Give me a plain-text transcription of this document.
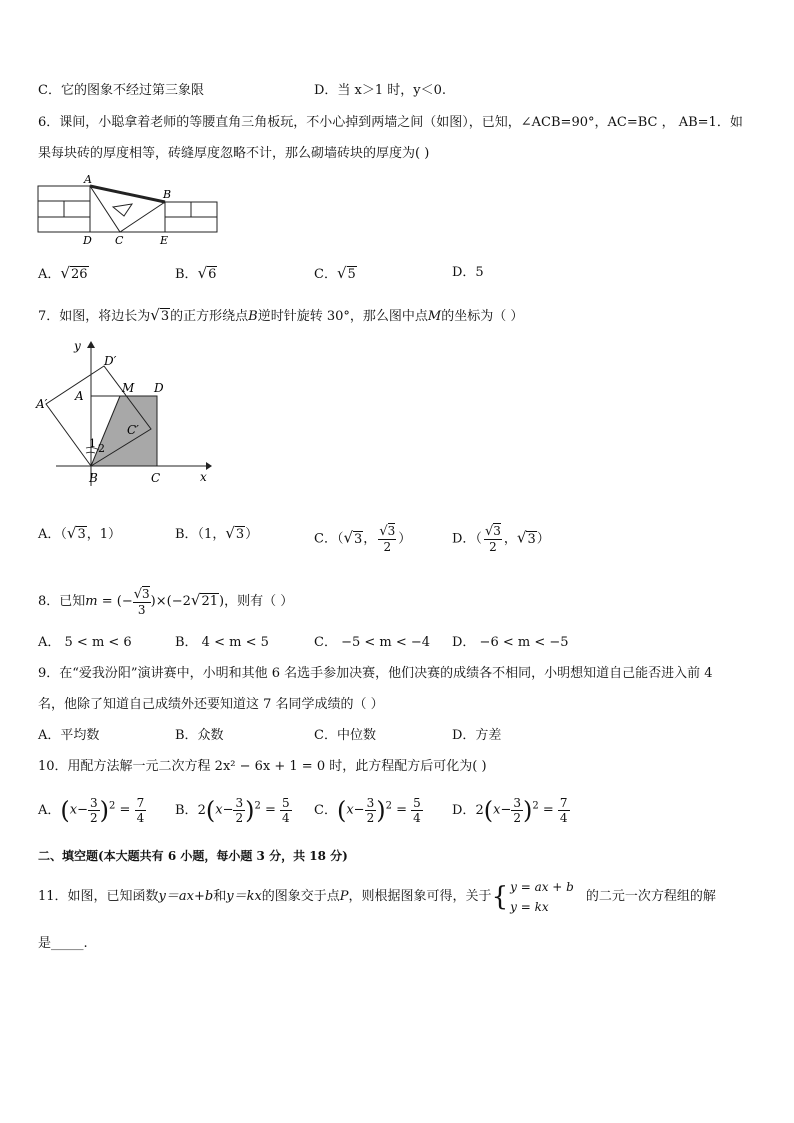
C．它的图象不经过第三象限	D．当 x＞1 时，y＜0.
6．课间，小聪拿着老师的等腰直角三角板玩，不小心掉到两墙之间（如图），已知，∠ACB=90°，AC=BC ， AB=1．如
果每块砖的厚度相等，砖缝厚度忽略不计，那么砌墙砖块的厚度为( )
A
B
D C	E
A．√26	B．√6	C．√5	D．5
7．如图，将边长为√3的正方形绕点B逆时针旋转 30°，那么图中点M的坐标为（ ）
y
x
D′
A′
A
M D
C′
1 2
B	C
A．（√3，1）	B．（1，√3）	C．（√3， $\frac{√3}{2}$ ）	D．（ $\frac{√3}{2}$ ，√3）
8．已知m = (− $\frac{√3}{3} )\times(-2√21)$，则有（ ）
A． 5 < m < 6	B． 4 < m < 5	C． −5 < m < −4 D． −6 < m < −5
9．在“爱我汾阳”演讲赛中，小明和其他 6 名选手参加决赛，他们决赛的成绩各不相同，小明想知道自己能否进入前 4
名，他除了知道自己成绩外还要知道这 7 名同学成绩的（ ）
A．平均数	B．众数	C．中位数	D．方差
10．用配方法解一元二次方程 2x² − 6x + 1 = 0 时，此方程配方后可化为( )
A．$(x- \frac{3}{2} )^2 = \frac{7}{4}$ B．$2(x- \frac{3}{2} )^2 = \frac{5}{4}$ C．$(x- \frac{3}{2} )^2 = \frac{5}{4}$ D．$2(x- \frac{3}{2} )^2 = \frac{7}{4}$
二、填空题(本大题共有 6 小题，每小题 3 分，共 18 分)
11．如图，已知函数y＝ax+b和y＝kx的图象交于点P，则根据图象可得，关于{ y = ax + b
y = kx
的二元一次方程组的解
是_____.
